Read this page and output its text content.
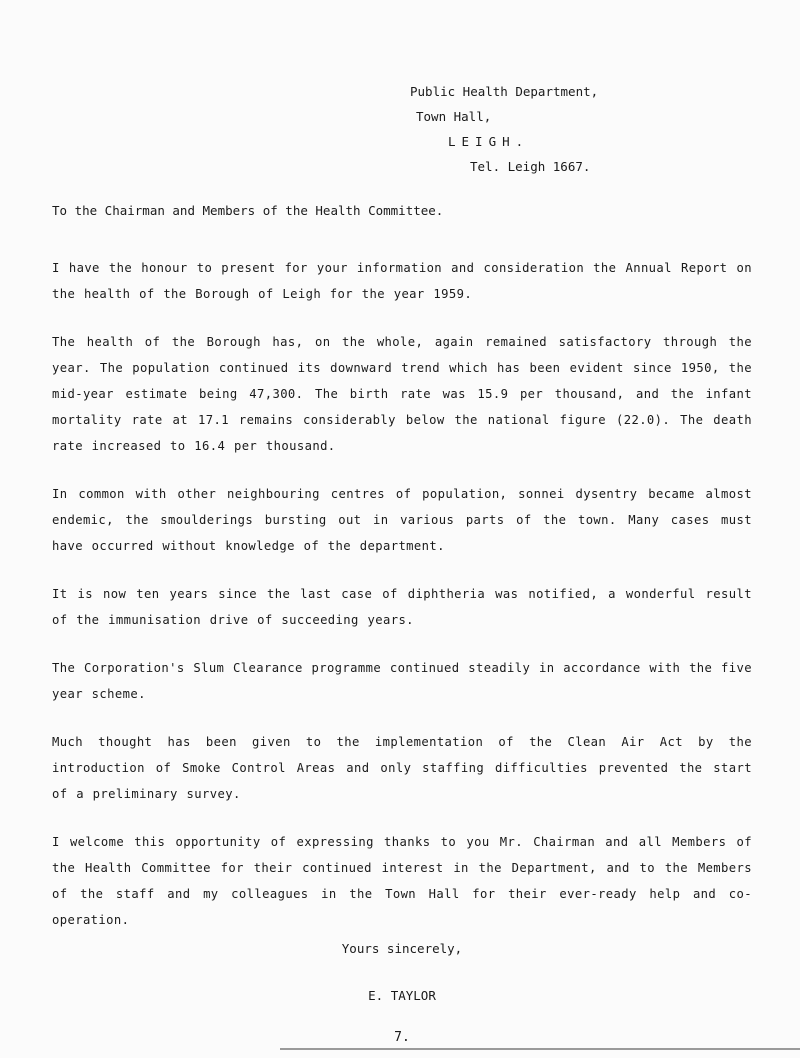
Public Health Department,
Town Hall,
LEIGH.
Tel. Leigh 1667.
To the Chairman and Members of the Health Committee.

I have the honour to present for your information and consideration the Annual Report on the health of the Borough of Leigh for the year 1959.

The health of the Borough has, on the whole, again remained satisfactory through the year. The population continued its downward trend which has been evident since 1950, the mid-year estimate being 47,300. The birth rate was 15.9 per thousand, and the infant mortality rate at 17.1 remains considerably below the national figure (22.0). The death rate increased to 16.4 per thousand.

In common with other neighbouring centres of population, sonnei dysentry became almost endemic, the smoulderings bursting out in various parts of the town. Many cases must have occurred without knowledge of the department.

It is now ten years since the last case of diphtheria was notified, a wonderful result of the immunisation drive of succeeding years.

The Corporation's Slum Clearance programme continued steadily in accordance with the five year scheme.

Much thought has been given to the implementation of the Clean Air Act by the introduction of Smoke Control Areas and only staffing difficulties prevented the start of a preliminary survey.

I welcome this opportunity of expressing thanks to you Mr. Chairman and all Members of the Health Committee for their continued interest in the Department, and to the Members of the staff and my colleagues in the Town Hall for their ever-ready help and co-operation.

Yours sincerely,
E. TAYLOR
7.
